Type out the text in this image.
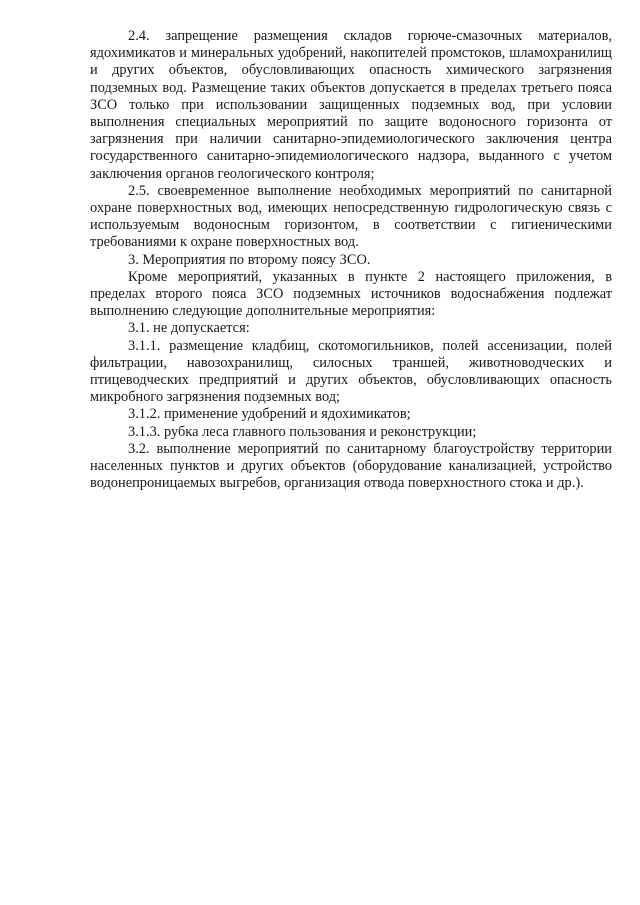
2.4. запрещение размещения складов горюче-смазочных материалов, ядохимикатов и минеральных удобрений, накопителей промстоков, шламохранилищ и других объектов, обусловливающих опасность химического загрязнения подземных вод. Размещение таких объектов допускается в пределах третьего пояса ЗСО только при использовании защищенных подземных вод, при условии выполнения специальных мероприятий по защите водоносного горизонта от загрязнения при наличии санитарно-эпидемиологического заключения центра государственного санитарно-эпидемиологического надзора, выданного с учетом заключения органов геологического контроля;

2.5. своевременное выполнение необходимых мероприятий по санитарной охране поверхностных вод, имеющих непосредственную гидрологическую связь с используемым водоносным горизонтом, в соответствии с гигиеническими требованиями к охране поверхностных вод.

3. Мероприятия по второму поясу ЗСО.

Кроме мероприятий, указанных в пункте 2 настоящего приложения, в пределах второго пояса ЗСО подземных источников водоснабжения подлежат выполнению следующие дополнительные мероприятия:

3.1. не допускается:

3.1.1. размещение кладбищ, скотомогильников, полей ассенизации, полей фильтрации, навозохранилищ, силосных траншей, животноводческих и птицеводческих предприятий и других объектов, обусловливающих опасность микробного загрязнения подземных вод;

3.1.2. применение удобрений и ядохимикатов;

3.1.3. рубка леса главного пользования и реконструкции;

3.2. выполнение мероприятий по санитарному благоустройству территории населенных пунктов и других объектов (оборудование канализацией, устройство водонепроницаемых выгребов, организация отвода поверхностного стока и др.).
